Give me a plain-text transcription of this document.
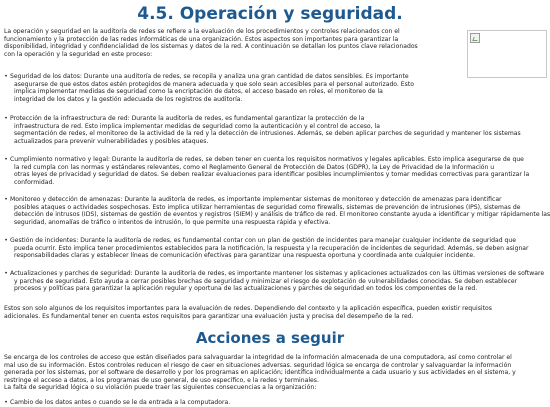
4.5. Operación y seguridad.
La operación y seguridad en la auditoría de redes se refiere a la evaluación de los procedimientos y controles relacionados con el
funcionamiento y la protección de las redes informáticas de una organización. Estos aspectos son importantes para garantizar la
disponibilidad, integridad y confidencialidad de los sistemas y datos de la red. A continuación se detallan los puntos clave relacionados
con la operación y la seguridad en este proceso:
• Seguridad de los datos: Durante una auditoría de redes, se recopila y analiza una gran cantidad de datos sensibles. Es importante
asegurarse de que estos datos estén protegidos de manera adecuada y que solo sean accesibles para el personal autorizado. Esto
implica implementar medidas de seguridad como la encriptación de datos, el acceso basado en roles, el monitoreo de la
integridad de los datos y la gestión adecuada de los registros de auditoría.
• Protección de la infraestructura de red: Durante la auditoría de redes, es fundamental garantizar la protección de la
infraestructura de red. Esto implica implementar medidas de seguridad como la autenticación y el control de acceso, la
segmentación de redes, el monitoreo de la actividad de la red y la detección de intrusiones. Además, se deben aplicar parches de seguridad y mantener los sistemas
actualizados para prevenir vulnerabilidades y posibles ataques.
• Cumplimiento normativo y legal: Durante la auditoría de redes, se deben tener en cuenta los requisitos normativos y legales aplicables. Esto implica asegurarse de que
la red cumpla con las normas y estándares relevantes, como el Reglamento General de Protección de Datos (GDPR), la Ley de Privacidad de la Información u
otras leyes de privacidad y seguridad de datos. Se deben realizar evaluaciones para identificar posibles incumplimientos y tomar medidas correctivas para garantizar la
conformidad.
• Monitoreo y detección de amenazas: Durante la auditoría de redes, es importante implementar sistemas de monitoreo y detección de amenazas para identificar
posibles ataques o actividades sospechosas. Esto implica utilizar herramientas de seguridad como firewalls, sistemas de prevención de intrusiones (IPS), sistemas de
detección de intrusos (IDS), sistemas de gestión de eventos y registros (SIEM) y análisis de tráfico de red. El monitoreo constante ayuda a identificar y mitigar rápidamente las
seguridad, anomalías de tráfico o intentos de intrusión, lo que permite una respuesta rápida y efectiva.
• Gestión de incidentes: Durante la auditoría de redes, es fundamental contar con un plan de gestión de incidentes para manejar cualquier incidente de seguridad que
pueda ocurrir. Esto implica tener procedimientos establecidos para la notificación, la respuesta y la recuperación de incidentes de seguridad. Además, se deben asignar
responsabilidades claras y establecer líneas de comunicación efectivas para garantizar una respuesta oportuna y coordinada ante cualquier incidente.
• Actualizaciones y parches de seguridad: Durante la auditoría de redes, es importante mantener los sistemas y aplicaciones actualizados con las últimas versiones de software
y parches de seguridad. Esto ayuda a cerrar posibles brechas de seguridad y minimizar el riesgo de explotación de vulnerabilidades conocidas. Se deben establecer
procesos y políticas para garantizar la aplicación regular y oportuna de las actualizaciones y parches de seguridad en todos los componentes de la red.
Estos son solo algunos de los requisitos importantes para la evaluación de redes. Dependiendo del contexto y la aplicación específica, pueden existir requisitos
adicionales. Es fundamental tener en cuenta estos requisitos para garantizar una evaluación justa y precisa del desempeño de la red.
Acciones a seguir
Se encarga de los controles de acceso que están diseñados para salvaguardar la integridad de la información almacenada de una computadora, así como controlar el
mal uso de su información. Estos controles reducen el riesgo de caer en situaciones adversas. seguridad lógica se encarga de controlar y salvaguardar la información
generada por los sistemas, por el software de desarrollo y por los programas en aplicación; identifica individualmente a cada usuario y sus actividades en el sistema, y
restringe el acceso a datos, a los programas de uso general, de uso específico, e la redes y terminales.
La falta de seguridad lógica o su violación puede traer las siguientes consecuencias a la organización:
• Cambio de los datos antes o cuando se le da entrada a la computadora.
